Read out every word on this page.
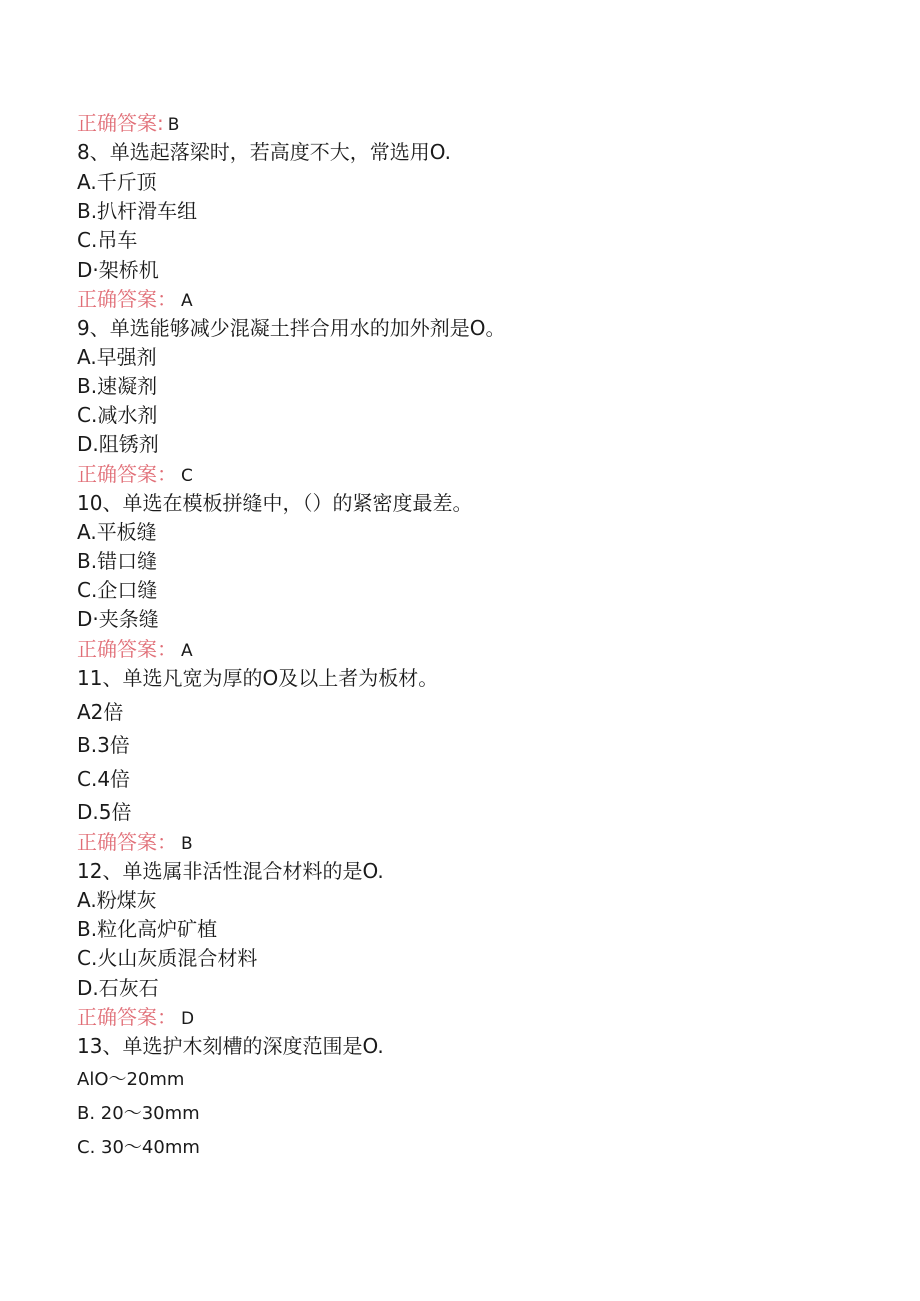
正确答案: B
8、单选起落梁时，若高度不大，常选用O.
A.千斤顶
B.扒杆滑车组
C.吊车
D·架桥机
正确答案： A
9、单选能够减少混凝土拌合用水的加外剂是O。
A.早强剂
B.速凝剂
C.减水剂
D.阻锈剂
正确答案： C
10、单选在模板拼缝中，（）的紧密度最差。
A.平板缝
B.错口缝
C.企口缝
D·夹条缝
正确答案： A
11、单选凡宽为厚的O及以上者为板材。
A2倍
B.3倍
C.4倍
D.5倍
正确答案： B
12、单选属非活性混合材料的是O.
A.粉煤灰
B.粒化高炉矿植
C.火山灰质混合材料
D.石灰石
正确答案： D
13、单选护木刻槽的深度范围是O.
AlO〜20mm
B. 20〜30mm
C. 30〜40mm
